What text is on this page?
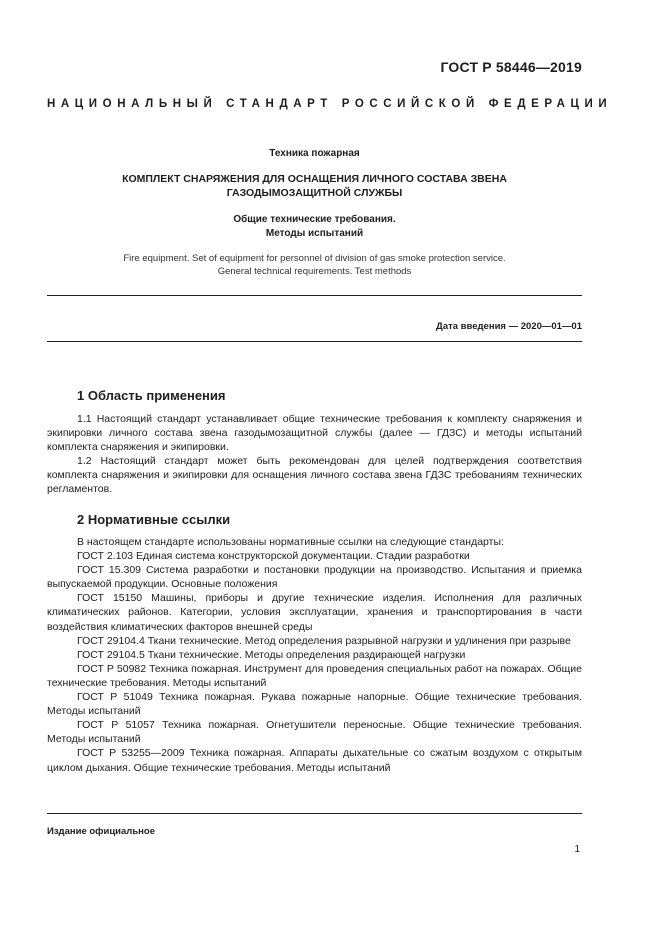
ГОСТ Р 58446—2019
НАЦИОНАЛЬНЫЙ СТАНДАРТ РОССИЙСКОЙ ФЕДЕРАЦИИ
Техника пожарная
КОМПЛЕКТ СНАРЯЖЕНИЯ ДЛЯ ОСНАЩЕНИЯ ЛИЧНОГО СОСТАВА ЗВЕНА
ГАЗОДЫМОЗАЩИТНОЙ СЛУЖБЫ
Общие технические требования.
Методы испытаний
Fire equipment. Set of equipment for personnel of division of gas smoke protection service.
General technical requirements. Test methods
Дата введения — 2020—01—01
1 Область применения

1.1 Настоящий стандарт устанавливает общие технические требования к комплекту снаряжения и экипировки личного состава звена газодымозащитной службы (далее — ГДЗС) и методы испытаний комплекта снаряжения и экипировки.

1.2 Настоящий стандарт может быть рекомендован для целей подтверждения соответствия комплекта снаряжения и экипировки для оснащения личного состава звена ГДЗС требованиям технических регламентов.

2 Нормативные ссылки

В настоящем стандарте использованы нормативные ссылки на следующие стандарты:

ГОСТ 2.103 Единая система конструкторской документации. Стадии разработки

ГОСТ 15.309 Система разработки и постановки продукции на производство. Испытания и приемка выпускаемой продукции. Основные положения

ГОСТ 15150 Машины, приборы и другие технические изделия. Исполнения для различных климатических районов. Категории, условия эксплуатации, хранения и транспортирования в части воздействия климатических факторов внешней среды

ГОСТ 29104.4 Ткани технические. Метод определения разрывной нагрузки и удлинения при разрыве

ГОСТ 29104.5 Ткани технические. Методы определения раздирающей нагрузки

ГОСТ Р 50982 Техника пожарная. Инструмент для проведения специальных работ на пожарах. Общие технические требования. Методы испытаний

ГОСТ Р 51049 Техника пожарная. Рукава пожарные напорные. Общие технические требования. Методы испытаний

ГОСТ Р 51057 Техника пожарная. Огнетушители переносные. Общие технические требования. Методы испытаний

ГОСТ Р 53255—2009 Техника пожарная. Аппараты дыхательные со сжатым воздухом с открытым циклом дыхания. Общие технические требования. Методы испытаний

Издание официальное
1
